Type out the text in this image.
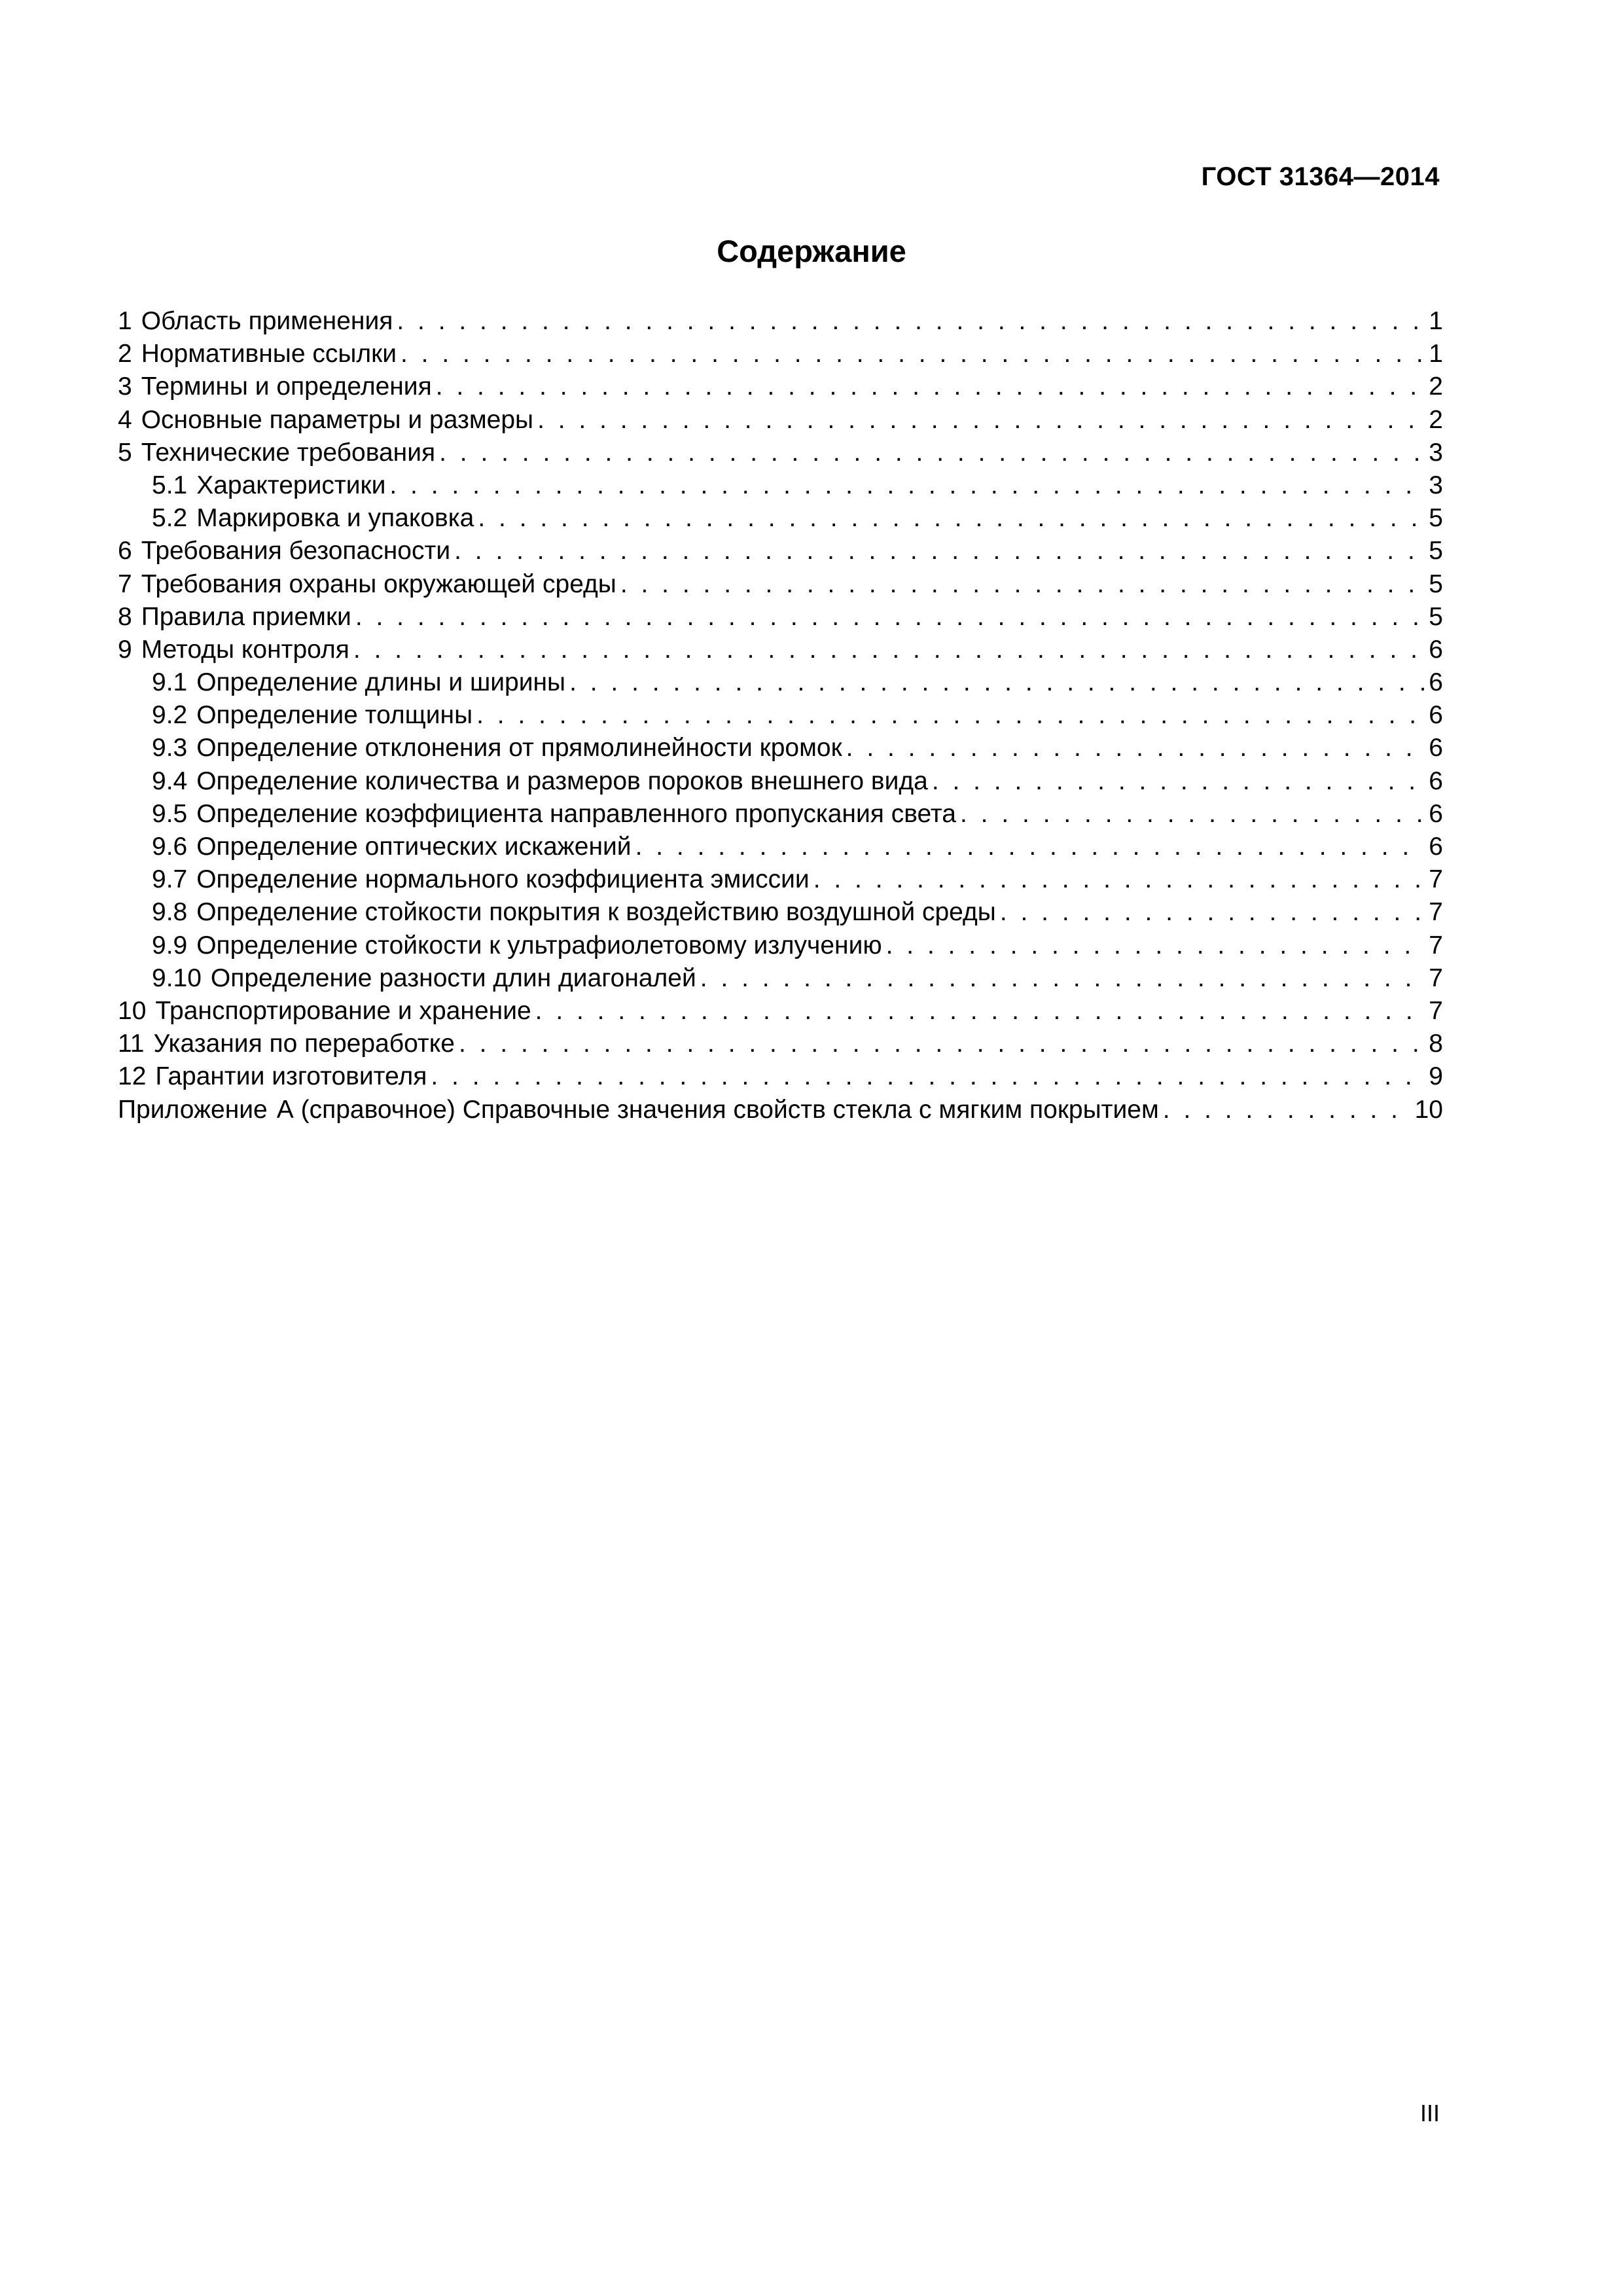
ГОСТ 31364—2014
Содержание
1 Область применения . . .	1
2 Нормативные ссылки . . .	1
3 Термины и определения . . .	2
4 Основные параметры и размеры . . .	2
5 Технические требования . . .	3
5.1 Характеристики . . .	3
5.2 Маркировка и упаковка . . .	5
6 Требования безопасности . . .	5
7 Требования охраны окружающей среды . . .	5
8 Правила приемки . . .	5
9 Методы контроля . . .	6
9.1 Определение длины и ширины . . .	6
9.2 Определение толщины . . .	6
9.3 Определение отклонения от прямолинейности кромок . . .	6
9.4 Определение количества и размеров пороков внешнего вида . . .	6
9.5 Определение коэффициента направленного пропускания света . . .	6
9.6 Определение оптических искажений . . .	6
9.7 Определение нормального коэффициента эмиссии . . .	7
9.8 Определение стойкости покрытия к воздействию воздушной среды . . .	7
9.9 Определение стойкости к ультрафиолетовому излучению . . .	7
9.10 Определение разности длин диагоналей . . .	7
10 Транспортирование и хранение . . .	7
11 Указания по переработке . . .	8
12 Гарантии изготовителя . . .	9
Приложение А (справочное) Справочные значения свойств стекла с мягким покрытием . . .	10
III
